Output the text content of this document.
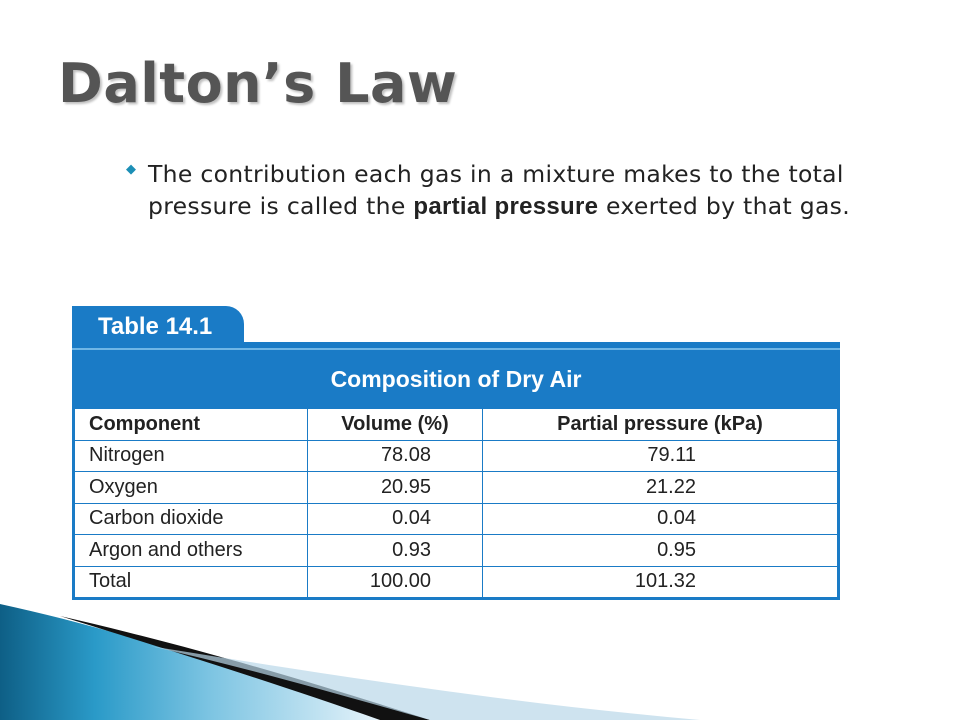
Dalton’s Law
◆ The contribution each gas in a mixture makes to the total pressure is called the partial pressure exerted by that gas.
Table 14.1
Composition of Dry Air
Component	Volume (%)	Partial pressure (kPa)
Nitrogen	78.08	79.11
Oxygen	20.95	21.22
Carbon dioxide	0.04	0.04
Argon and others	0.93	0.95
Total	100.00	101.32
